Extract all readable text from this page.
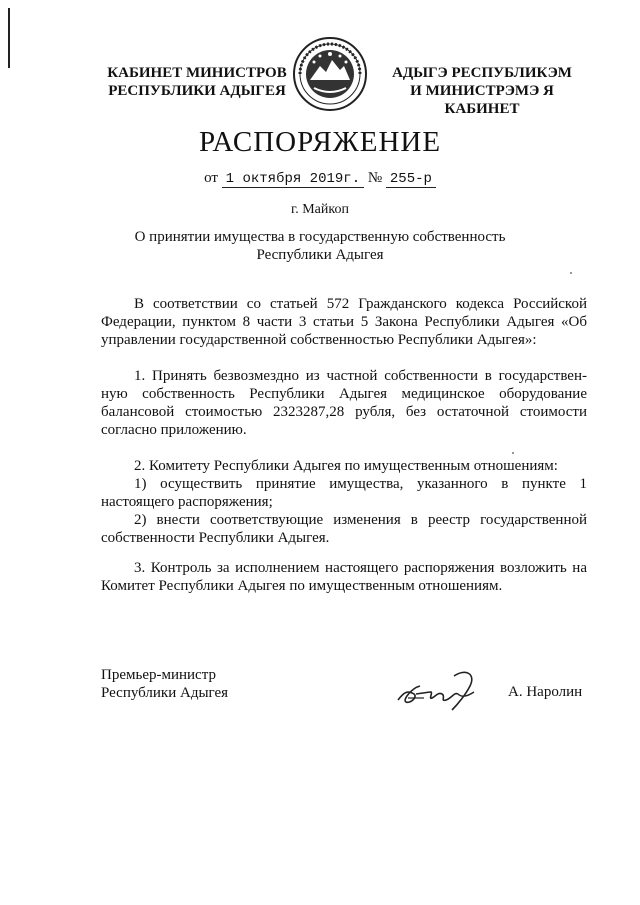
КАБИНЕТ МИНИСТРОВ
РЕСПУБЛИКИ АДЫГЕЯ
АДЫГЭ РЕСПУБЛИКЭМ
И МИНИСТРЭМЭ Я КАБИНЕТ
РАСПОРЯЖЕНИЕ
от 1 октября 2019г. № 255-р
г. Майкоп
О принятии имущества в государственную собственность
Республики Адыгея
В соответствии со статьей 572 Гражданского кодекса Российской Федерации, пунктом 8 части 3 статьи 5 Закона Республики Адыгея «Об управлении государственной собственностью Республики Адыгея»:
1. Принять безвозмездно из частной собственности в государственную собственность Республики Адыгея медицинское оборудование балансовой стоимостью 2323287,28 рубля, без остаточной стоимости согласно приложению.
2. Комитету Республики Адыгея по имущественным отношениям:
1) осуществить принятие имущества, указанного в пункте 1 настоящего распоряжения;
2) внести соответствующие изменения в реестр государственной собственности Республики Адыгея.
3. Контроль за исполнением настоящего распоряжения возложить на Комитет Республики Адыгея по имущественным отношениям.
Премьер-министр
Республики Адыгея	А. Наролин
